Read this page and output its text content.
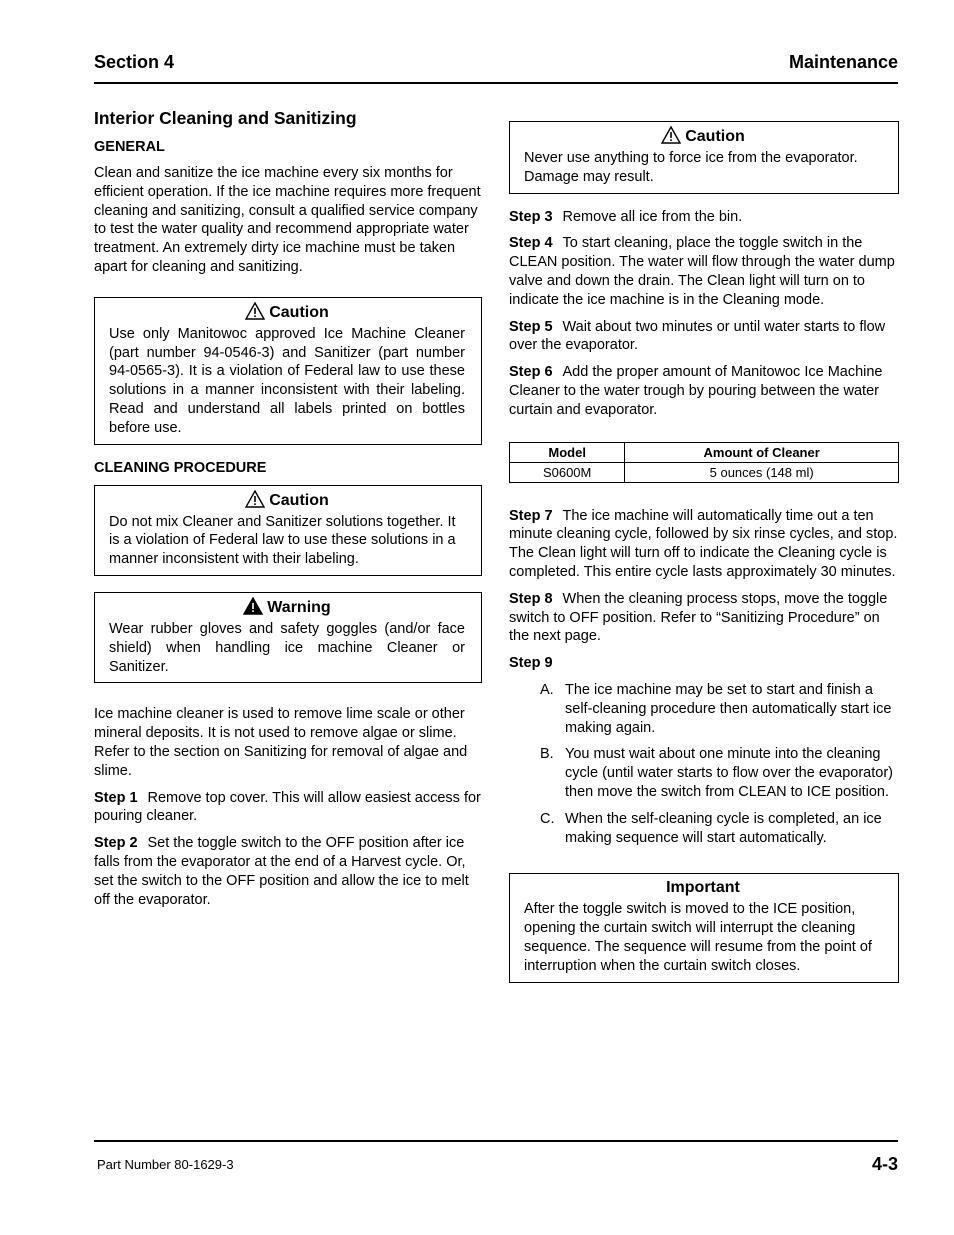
Section 4	Maintenance
Interior Cleaning and Sanitizing
GENERAL

Clean and sanitize the ice machine every six months for efficient operation. If the ice machine requires more frequent cleaning and sanitizing, consult a qualified service company to test the water quality and recommend appropriate water treatment. An extremely dirty ice machine must be taken apart for cleaning and sanitizing.

Caution
Use only Manitowoc approved Ice Machine Cleaner (part number 94-0546-3) and Sanitizer (part number 94-0565-3). It is a violation of Federal law to use these solutions in a manner inconsistent with their labeling. Read and understand all labels printed on bottles before use.
CLEANING PROCEDURE
Caution
Do not mix Cleaner and Sanitizer solutions together. It is a violation of Federal law to use these solutions in a manner inconsistent with their labeling.
Warning
Wear rubber gloves and safety goggles (and/or face shield) when handling ice machine Cleaner or Sanitizer.

Ice machine cleaner is used to remove lime scale or other mineral deposits. It is not used to remove algae or slime. Refer to the section on Sanitizing for removal of algae and slime.

Step 1 Remove top cover. This will allow easiest access for pouring cleaner.

Step 2 Set the toggle switch to the OFF position after ice falls from the evaporator at the end of a Harvest cycle. Or, set the switch to the OFF position and allow the ice to melt off the evaporator.

Caution
Never use anything to force ice from the evaporator. Damage may result.

Step 3 Remove all ice from the bin.

Step 4 To start cleaning, place the toggle switch in the CLEAN position. The water will flow through the water dump valve and down the drain. The Clean light will turn on to indicate the ice machine is in the Cleaning mode.

Step 5 Wait about two minutes or until water starts to flow over the evaporator.

Step 6 Add the proper amount of Manitowoc Ice Machine Cleaner to the water trough by pouring between the water curtain and evaporator.

Model	Amount of Cleaner
S0600M	5 ounces (148 ml)

Step 7 The ice machine will automatically time out a ten minute cleaning cycle, followed by six rinse cycles, and stop. The Clean light will turn off to indicate the Cleaning cycle is completed. This entire cycle lasts approximately 30 minutes.

Step 8 When the cleaning process stops, move the toggle switch to OFF position. Refer to “Sanitizing Procedure” on the next page.

Step 9

A. The ice machine may be set to start and finish a self-cleaning procedure then automatically start ice making again.
B. You must wait about one minute into the cleaning cycle (until water starts to flow over the evaporator) then move the switch from CLEAN to ICE position.
C. When the self-cleaning cycle is completed, an ice making sequence will start automatically.
Important
After the toggle switch is moved to the ICE position, opening the curtain switch will interrupt the cleaning sequence. The sequence will resume from the point of interruption when the curtain switch closes.
Part Number 80-1629-3	4-3
